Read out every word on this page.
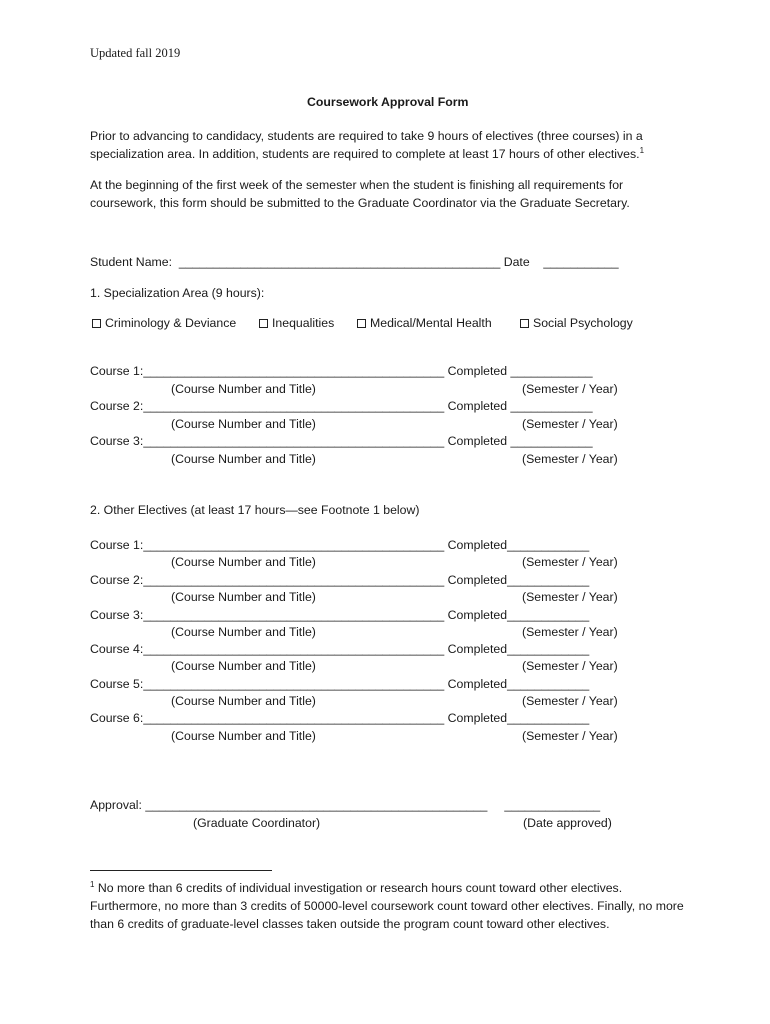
Updated fall 2019
Coursework Approval Form
Prior to advancing to candidacy, students are required to take 9 hours of electives (three courses) in a specialization area. In addition, students are required to complete at least 17 hours of other electives.$^1$
At the beginning of the first week of the semester when the student is finishing all requirements for coursework, this form should be submitted to the Graduate Coordinator via the Graduate Secretary.
Student Name:  _______________________________________________ Date    ___________
1. Specialization Area (9 hours):
Criminology & Deviance	Inequalities	Medical/Mental Health	Social Psychology
Course 1:____________________________________________ Completed ____________
(Course Number and Title)	(Semester / Year)
Course 2:____________________________________________ Completed ____________
(Course Number and Title)	(Semester / Year)
Course 3:____________________________________________ Completed ____________
(Course Number and Title)	(Semester / Year)
2. Other Electives (at least 17 hours—see Footnote 1 below)
Course 1:____________________________________________ Completed____________
(Course Number and Title)	(Semester / Year)
Course 2:____________________________________________ Completed____________
(Course Number and Title)	(Semester / Year)
Course 3:____________________________________________ Completed____________
(Course Number and Title)	(Semester / Year)
Course 4:____________________________________________ Completed____________
(Course Number and Title)	(Semester / Year)
Course 5:____________________________________________ Completed____________
(Course Number and Title)	(Semester / Year)
Course 6:____________________________________________ Completed____________
(Course Number and Title)	(Semester / Year)
Approval: __________________________________________________     ______________
(Graduate Coordinator)	(Date approved)
$^1$ No more than 6 credits of individual investigation or research hours count toward other electives. Furthermore, no more than 3 credits of 50000-level coursework count toward other electives. Finally, no more than 6 credits of graduate-level classes taken outside the program count toward other electives.
